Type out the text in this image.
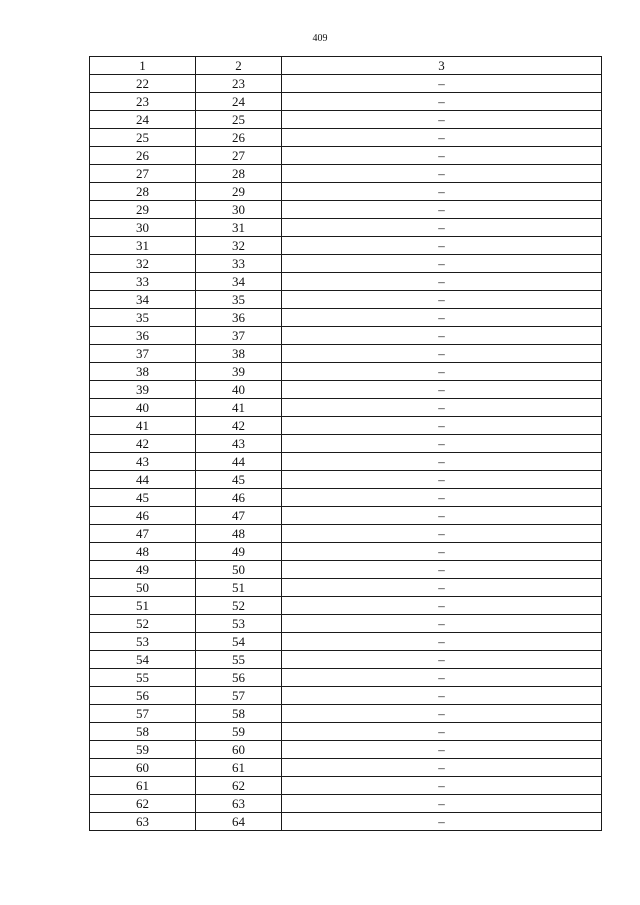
409
1	2	3
22	23	–
23	24	–
24	25	–
25	26	–
26	27	–
27	28	–
28	29	–
29	30	–
30	31	–
31	32	–
32	33	–
33	34	–
34	35	–
35	36	–
36	37	–
37	38	–
38	39	–
39	40	–
40	41	–
41	42	–
42	43	–
43	44	–
44	45	–
45	46	–
46	47	–
47	48	–
48	49	–
49	50	–
50	51	–
51	52	–
52	53	–
53	54	–
54	55	–
55	56	–
56	57	–
57	58	–
58	59	–
59	60	–
60	61	–
61	62	–
62	63	–
63	64	–
